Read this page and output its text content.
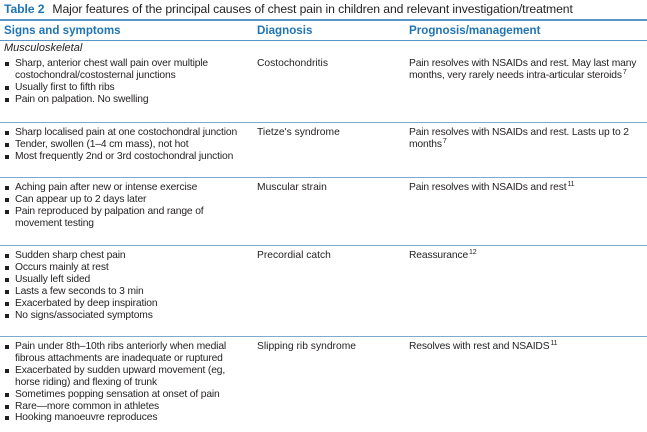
Table 2 Major features of the principal causes of chest pain in children and relevant investigation/treatment
Signs and symptoms	Diagnosis	Prognosis/management
Musculoskeletal
Sharp, anterior chest wall pain over multiple costochondral/costosternal junctions
Usually first to fifth ribs
Pain on palpation. No swelling
Costochondritis	Pain resolves with NSAIDs and rest. May last many months, very rarely needs intra-articular steroids$^7$
Sharp localised pain at one costochondral junction
Tender, swollen (1–4 cm mass), not hot
Most frequently 2nd or 3rd costochondral junction
Tietze's syndrome	Pain resolves with NSAIDs and rest. Lasts up to 2 months$^7$
Aching pain after new or intense exercise
Can appear up to 2 days later
Pain reproduced by palpation and range of movement testing
Muscular strain	Pain resolves with NSAIDs and rest$^{11}$
Sudden sharp chest pain
Occurs mainly at rest
Usually left sided
Lasts a few seconds to 3 min
Exacerbated by deep inspiration
No signs/associated symptoms
Precordial catch	Reassurance$^{12}$
Pain under 8th–10th ribs anteriorly when medial fibrous attachments are inadequate or ruptured
Exacerbated by sudden upward movement (eg, horse riding) and flexing of trunk
Sometimes popping sensation at onset of pain
Rare—more common in athletes
Hooking manoeuvre reproduces
Slipping rib syndrome	Resolves with rest and NSAIDS$^{11}$
